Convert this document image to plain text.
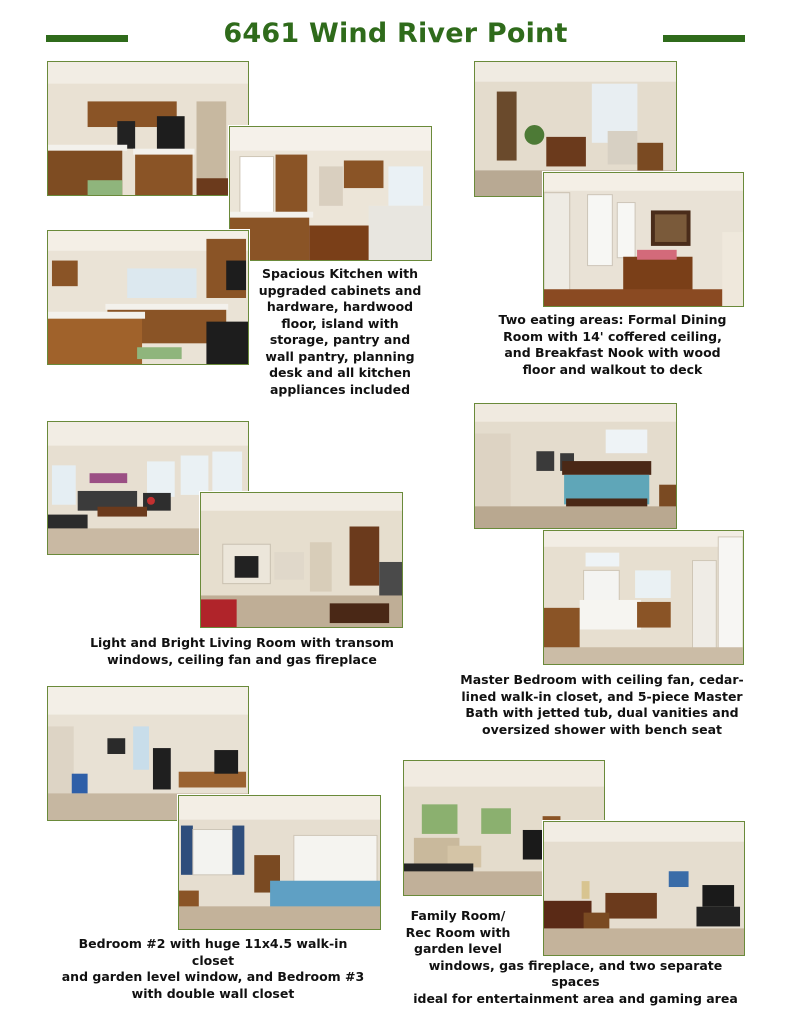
6461 Wind River Point
Spacious Kitchen with
upgraded cabinets and
hardware, hardwood
floor, island with
storage, pantry and
wall pantry, planning
desk and all kitchen
appliances included
Two eating areas: Formal Dining
Room with 14' coffered ceiling,
and Breakfast Nook with wood
floor and walkout to deck
Light and Bright Living Room with transom
windows, ceiling fan and gas fireplace
Master Bedroom with ceiling fan, cedar-
lined walk-in closet, and 5-piece Master
Bath with jetted tub, dual vanities and
oversized shower with bench seat
Bedroom #2 with huge 11x4.5 walk-in closet
and garden level window, and Bedroom #3
with double wall closet
Family Room/
Rec Room with
garden level
windows, gas fireplace, and two separate spaces
ideal for entertainment area and gaming area
